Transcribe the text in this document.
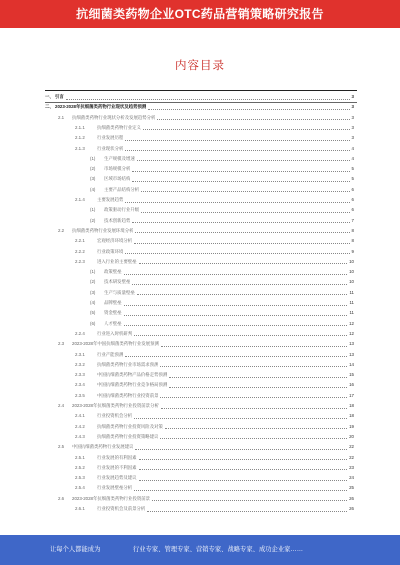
抗细菌类药物企业OTC药品营销策略研究报告
内容目录
一、 引言	3
二、 2023-2028年抗细菌类药物行业现状及趋势预测	3
2.1 抗细菌类药物行业现状分析及发展趋势分析	3
2.1.1	抗细菌类药物行业定义	3
2.1.2	行业发展历程	3
2.1.3	行业现状分析	4
(1) 生产规模及增速	4
(2) 市场规模分析	5
(3) 区域市场结构	5
(4) 主要产品结构分析	6
2.1.4	主要发展趋势	6
(1) 政策驱动行业升级	6
(2) 技术创新趋势	7
2.2 抗细菌类药物行业发展环境分析	8
2.2.1	宏观经济环境分析	8
2.2.2	行业政策环境	9
2.2.3	进入行业的主要壁垒	10
(1) 政策壁垒	10
(2) 技术研发壁垒	10
(3) 生产与质量壁垒	11
(4) 品牌壁垒	11
(5) 资金壁垒	11
(6) 人才壁垒	12
2.2.4	行业进入时机研判	12
2.3 2023-2028年中国抗细菌类药物行业发展预测	13
2.3.1	行业产能预测	13
2.3.2	抗细菌类药物行业市场需求预测	14
2.3.3	中国抗细菌类药物产品价格走势预测	15
2.3.4	中国抗细菌类药物行业竞争格局预测	16
2.3.5	中国抗细菌类药物行业投资前景	17
2.4 2023-2028年抗细菌类药物行业投资前景分析	18
2.4.1	行业投资机会分析	18
2.4.2	抗细菌类药物行业投资风险及对策	19
2.4.3	抗细菌类药物行业投资策略建议	20
2.5 中国抗细菌类药物行业发展建议	22
2.5.1	行业发展的有利因素	22
2.5.2	行业发展的不利因素	23
2.5.3	行业发展趋势及建议	24
2.5.4	行业发展壁垒分析	25
2.6 2023-2028年抗细菌类药物行业投资前景	26
2.6.1	行业投资机会及前景分析	26
让每个人都能成为	行业专家、管理专家、营销专家、战略专家、成功企业家……
